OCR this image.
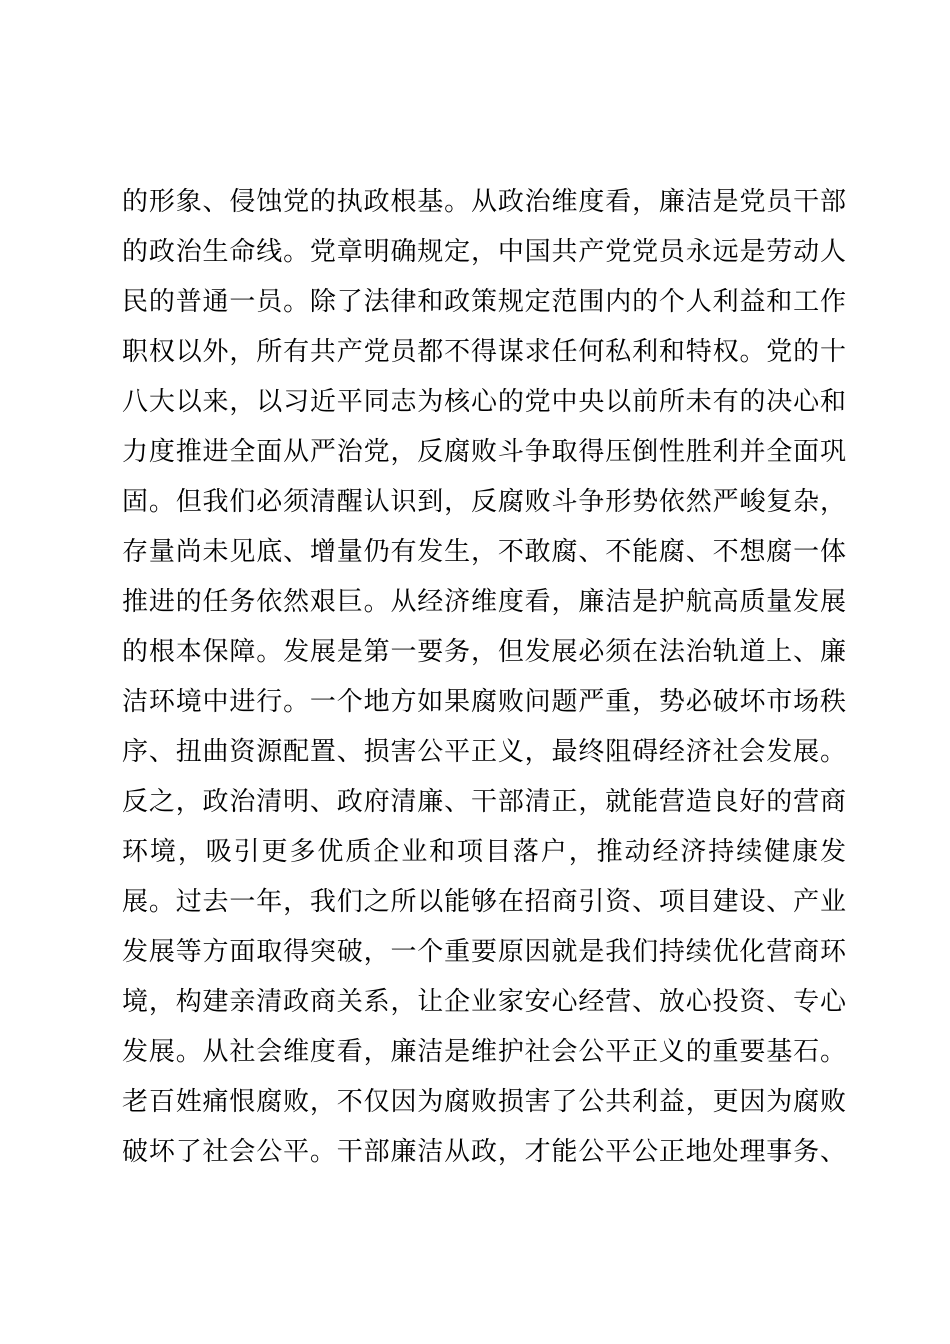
的形象、侵蚀党的执政根基。从政治维度看，廉洁是党员干部
的政治生命线。党章明确规定，中国共产党党员永远是劳动人
民的普通一员。除了法律和政策规定范围内的个人利益和工作
职权以外，所有共产党员都不得谋求任何私利和特权。党的十
八大以来，以习近平同志为核心的党中央以前所未有的决心和
力度推进全面从严治党，反腐败斗争取得压倒性胜利并全面巩
固。但我们必须清醒认识到，反腐败斗争形势依然严峻复杂，
存量尚未见底、增量仍有发生，不敢腐、不能腐、不想腐一体
推进的任务依然艰巨。从经济维度看，廉洁是护航高质量发展
的根本保障。发展是第一要务，但发展必须在法治轨道上、廉
洁环境中进行。一个地方如果腐败问题严重，势必破坏市场秩
序、扭曲资源配置、损害公平正义，最终阻碍经济社会发展。
反之，政治清明、政府清廉、干部清正，就能营造良好的营商
环境，吸引更多优质企业和项目落户，推动经济持续健康发
展。过去一年，我们之所以能够在招商引资、项目建设、产业
发展等方面取得突破，一个重要原因就是我们持续优化营商环
境，构建亲清政商关系，让企业家安心经营、放心投资、专心
发展。从社会维度看，廉洁是维护社会公平正义的重要基石。
老百姓痛恨腐败，不仅因为腐败损害了公共利益，更因为腐败
破坏了社会公平。干部廉洁从政，才能公平公正地处理事务、
